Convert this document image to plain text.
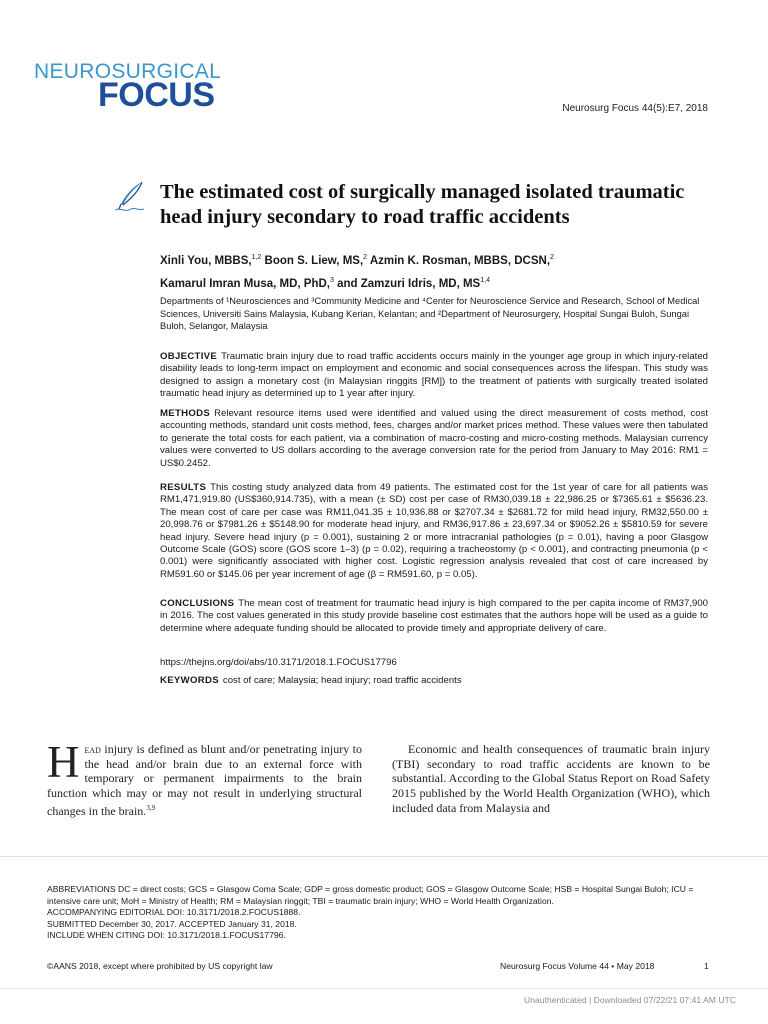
NEUROSURGICAL
FOCUS	Neurosurg Focus 44(5):E7, 2018
The estimated cost of surgically managed isolated traumatic head injury secondary to road traffic accidents
Xinli You, MBBS,$^{1,2}$ Boon S. Liew, MS,$^2$ Azmin K. Rosman, MBBS, DCSN,$^2$
Kamarul Imran Musa, MD, PhD,$^3$ and Zamzuri Idris, MD, MS$^{1,4}$
Departments of ¹Neurosciences and ³Community Medicine and ⁴Center for Neuroscience Service and Research, School of Medical Sciences, Universiti Sains Malaysia, Kubang Kerian, Kelantan; and ²Department of Neurosurgery, Hospital Sungai Buloh, Sungai Buloh, Selangor, Malaysia
OBJECTIVE Traumatic brain injury due to road traffic accidents occurs mainly in the younger age group in which injury-related disability leads to long-term impact on employment and economic and social consequences across the lifespan. This study was designed to assign a monetary cost (in Malaysian ringgits [RM]) to the treatment of patients with surgically treated isolated traumatic head injury as determined up to 1 year after injury.
METHODS Relevant resource items used were identified and valued using the direct measurement of costs method, cost accounting methods, standard unit costs method, fees, charges and/or market prices method. These values were then tabulated to generate the total costs for each patient, via a combination of macro-costing and micro-costing methods. Malaysian currency values were converted to US dollars according to the average conversion rate for the period from January to May 2016: RM1 = US$0.2452.
RESULTS This costing study analyzed data from 49 patients. The estimated cost for the 1st year of care for all patients was RM1,471,919.80 (US$360,914.735), with a mean (± SD) cost per case of RM30,039.18 ± 22,986.25 or $7365.61 ± $5636.23. The mean cost of care per case was RM11,041.35 ± 10,936.88 or $2707.34 ± $2681.72 for mild head injury, RM32,550.00 ± 20,998.76 or $7981.26 ± $5148.90 for moderate head injury, and RM36,917.86 ± 23,697.34 or $9052.26 ± $5810.59 for severe head injury. Severe head injury (p = 0.001), sustaining 2 or more intracranial pathologies (p = 0.01), having a poor Glasgow Outcome Scale (GOS) score (GOS score 1–3) (p = 0.02), requiring a tracheostomy (p < 0.001), and contracting pneumonia (p < 0.001) were significantly associated with higher cost. Logistic regression analysis revealed that cost of care increased by RM591.60 or $145.06 per year increment of age (β = RM591.60, p = 0.05).
CONCLUSIONS The mean cost of treatment for traumatic head injury is high compared to the per capita income of RM37,900 in 2016. The cost values generated in this study provide baseline cost estimates that the authors hope will be used as a guide to determine where adequate funding should be allocated to provide timely and appropriate delivery of care.
https://thejns.org/doi/abs/10.3171/2018.1.FOCUS17796
KEYWORDS cost of care; Malaysia; head injury; road traffic accidents
Head injury is defined as blunt and/or penetrating injury to the head and/or brain due to an external force with temporary or permanent impairments to the brain function which may or may not result in underlying structural changes in the brain.$^{3,9}$
Economic and health consequences of traumatic brain injury (TBI) secondary to road traffic accidents are known to be substantial. According to the Global Status Report on Road Safety 2015 published by the World Health Organization (WHO), which included data from Malaysia and
ABBREVIATIONS DC = direct costs; GCS = Glasgow Coma Scale; GDP = gross domestic product; GOS = Glasgow Outcome Scale; HSB = Hospital Sungai Buloh; ICU = intensive care unit; MoH = Ministry of Health; RM = Malaysian ringgit; TBI = traumatic brain injury; WHO = World Health Organization.
ACCOMPANYING EDITORIAL DOI: 10.3171/2018.2.FOCUS1888.
SUBMITTED December 30, 2017. ACCEPTED January 31, 2018.
INCLUDE WHEN CITING DOI: 10.3171/2018.1.FOCUS17796.
©AANS 2018, except where prohibited by US copyright law	Neurosurg Focus Volume 44 • May 2018	1
Unauthenticated | Downloaded 07/22/21 07:41 AM UTC
